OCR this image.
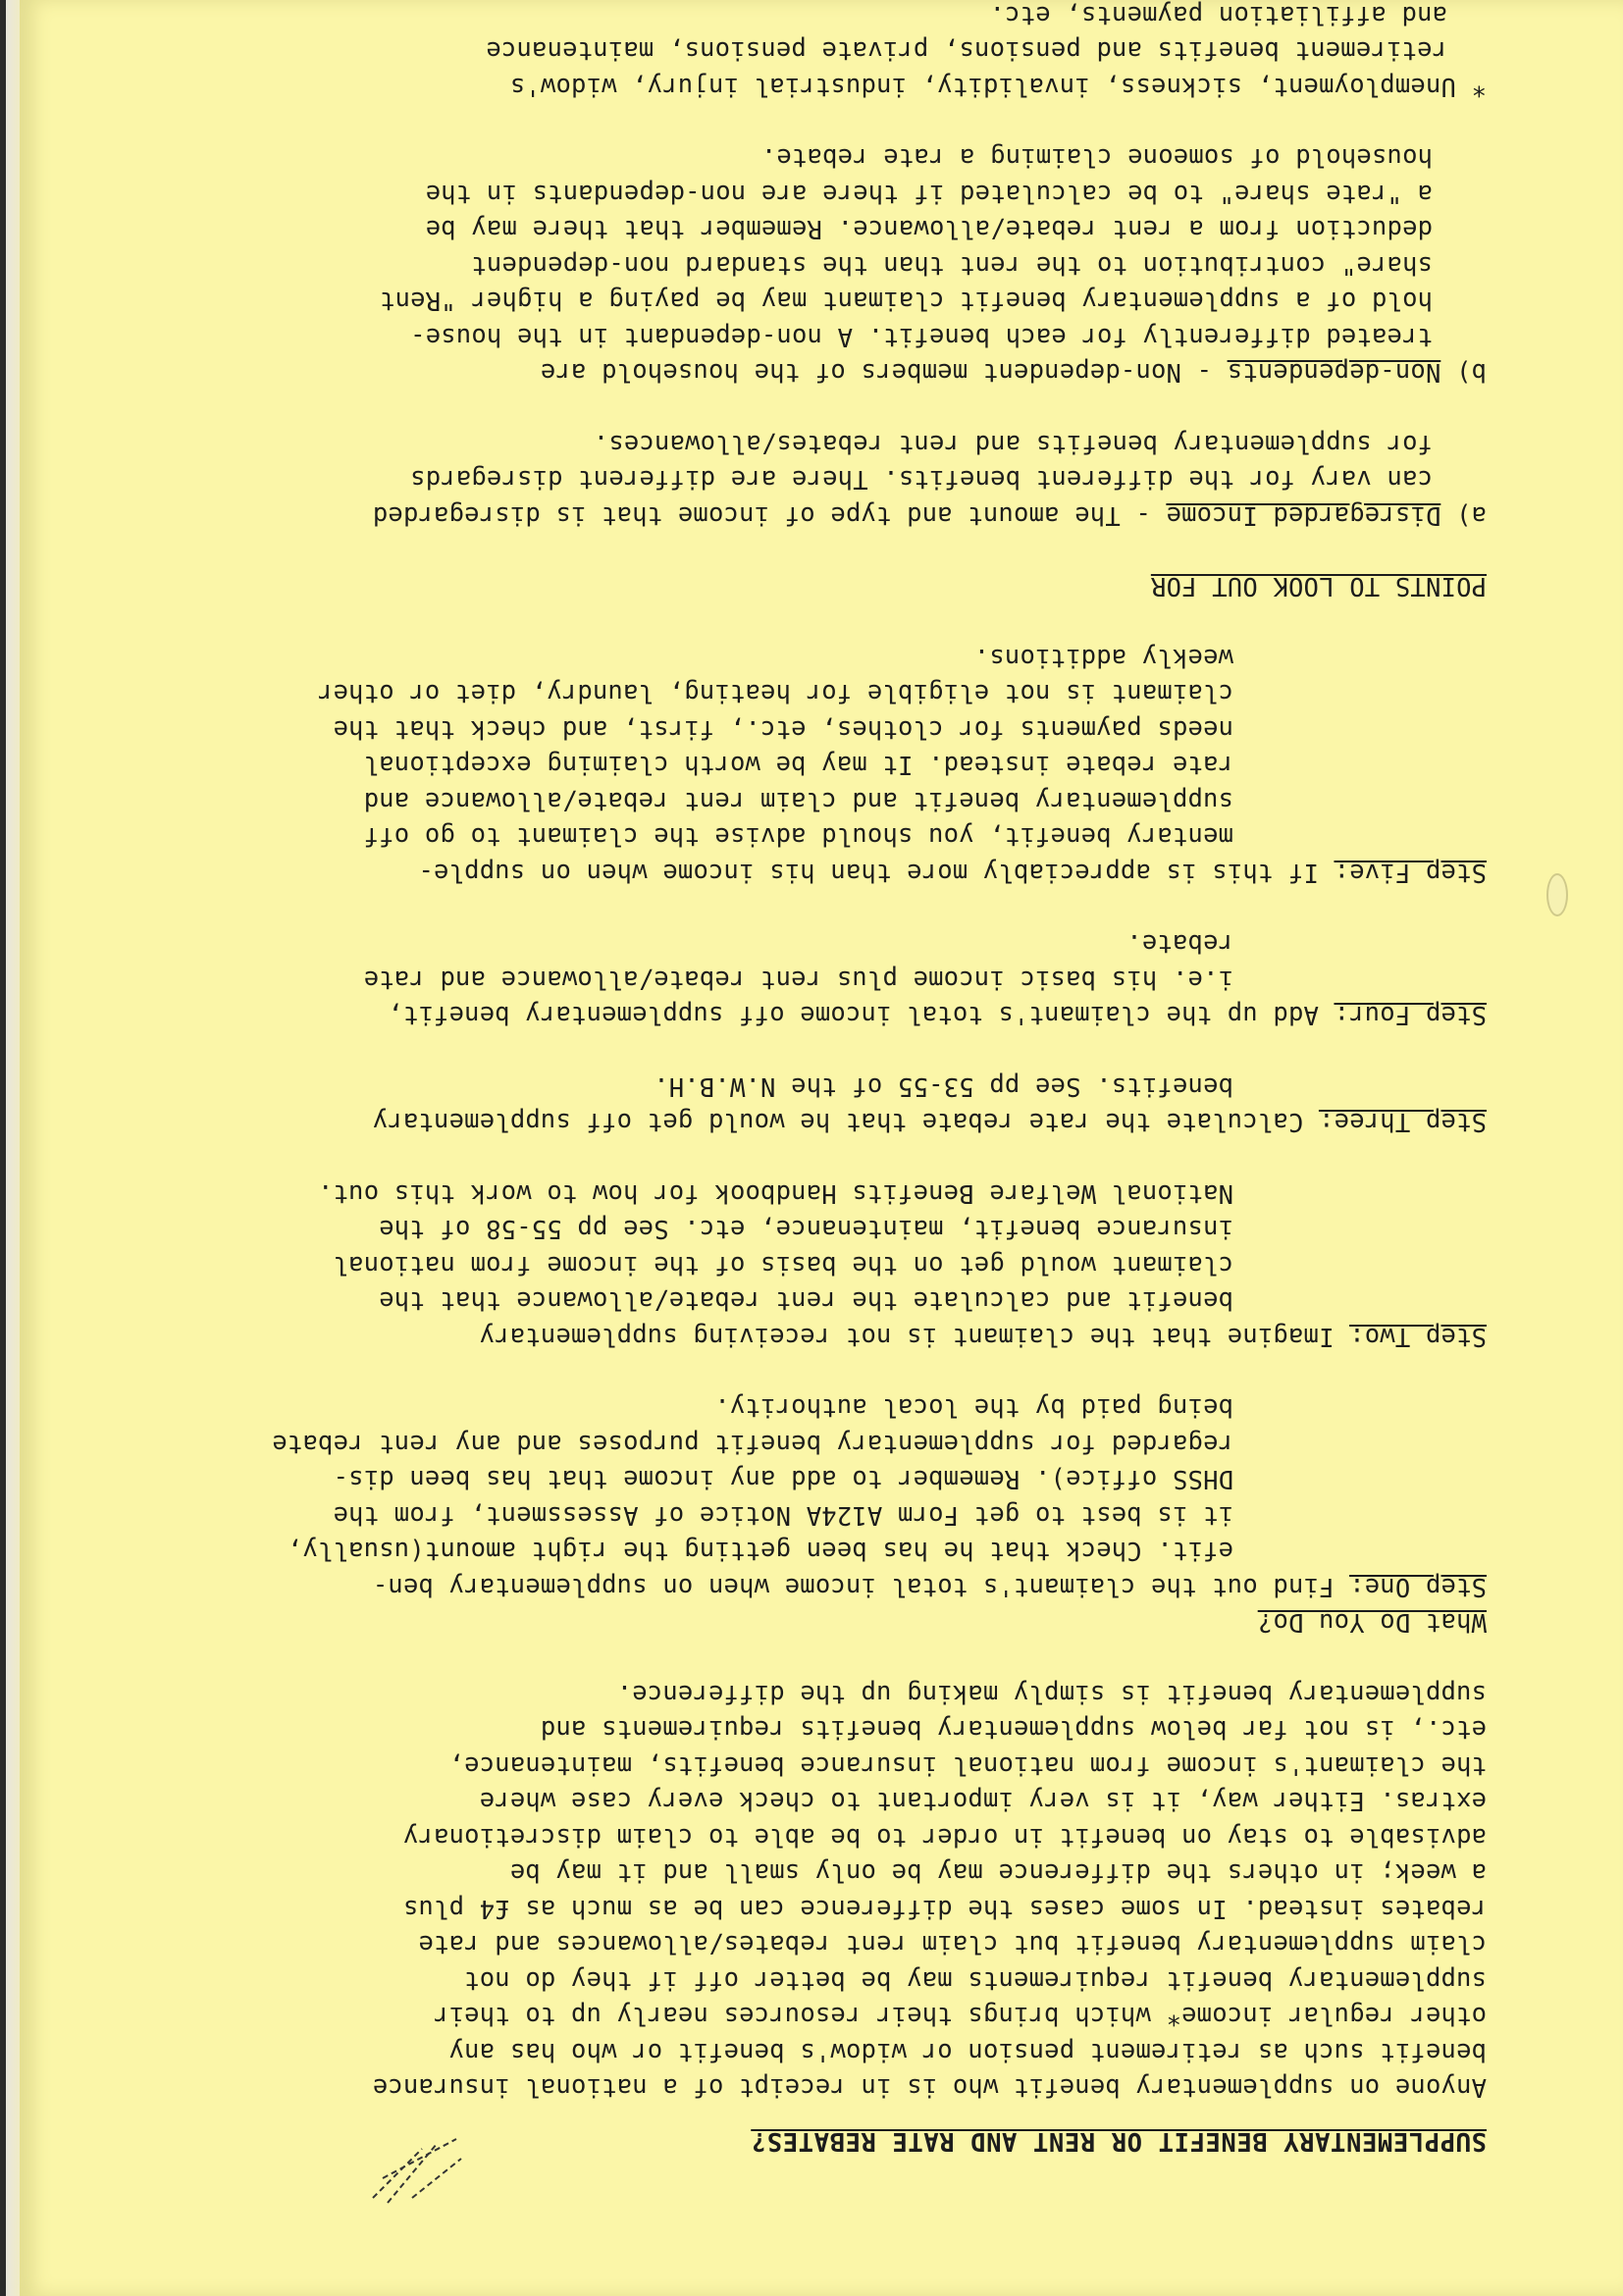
SUPPLEMENTARY BENEFIT OR RENT AND RATE REBATES?

Anyone on supplementary benefit who is in receipt of a national insurance

benefit such as retirement pension or widow's benefit or who has any

other regular income* which brings their resources nearly up to their

supplementary benefit requirements may be better off if they do not

claim supplementary benefit but claim rent rebates/allowances and rate

rebates instead. In some cases the difference can be as much as £4 plus

a week; in others the difference may be only small and it may be

advisable to stay on benefit in order to be able to claim discretionary

extras. Either way, it is very important to check every case where

the claimant's income from national insurance benefits, maintenance,

etc., is not far below supplementary benefits requirements and

supplementary benefit is simply making up the difference.

What Do You Do?

Step One: Find out the claimant's total income when on supplementary ben-

efit. Check that he has been getting the right amount(usually,

it is best to get Form A124A Notice of Assessment, from the

DHSS office). Remember to add any income that has been dis-

regarded for supplementary benefit purposes and any rent rebate

being paid by the local authority.

Step Two: Imagine that the claimant is not receiving supplementary

benefit and calculate the rent rebate/allowance that the

claimant would get on the basis of the income from national

insurance benefit, maintenance, etc. See pp 55-58 of the

National Welfare Benefits Handbook for how to work this out.

Step Three: Calculate the rate rebate that he would get off supplementary

benefits. See pp 53-55 of the N.W.B.H.

Step Four: Add up the claimant's total income off supplementary benefit,

i.e. his basic income plus rent rebate/allowance and rate

rebate.

Step Five: If this is appreciably more than his income when on supple-

mentary benefit, you should advise the claimant to go off

supplementary benefit and claim rent rebate/allowance and

rate rebate instead. It may be worth claiming exceptional

needs payments for clothes, etc., first, and check that the

claimant is not eligible for heating, laundry, diet or other

weekly additions.

POINTS TO LOOK OUT FOR

a) Disregarded Income - The amount and type of income that is disregarded

can vary for the different benefits. There are different disregards

for supplementary benefits and rent rebates/allowances.

b) Non-dependents - Non-dependent members of the household are

treated differently for each benefit. A non-dependant in the house-

hold of a supplementary benefit claimant may be paying a higher "Rent

share" contribution to the rent than the standard non-dependent

deduction from a rent rebate/allowance. Remember that there may be

a "rate share" to be calculated if there are non-dependants in the

household of someone claiming a rate rebate.

* Unemployment, sickness, invalidity, industrial injury, widow's

retirement benefits and pensions, private pensions, maintenance

and affiliation payments, etc.
